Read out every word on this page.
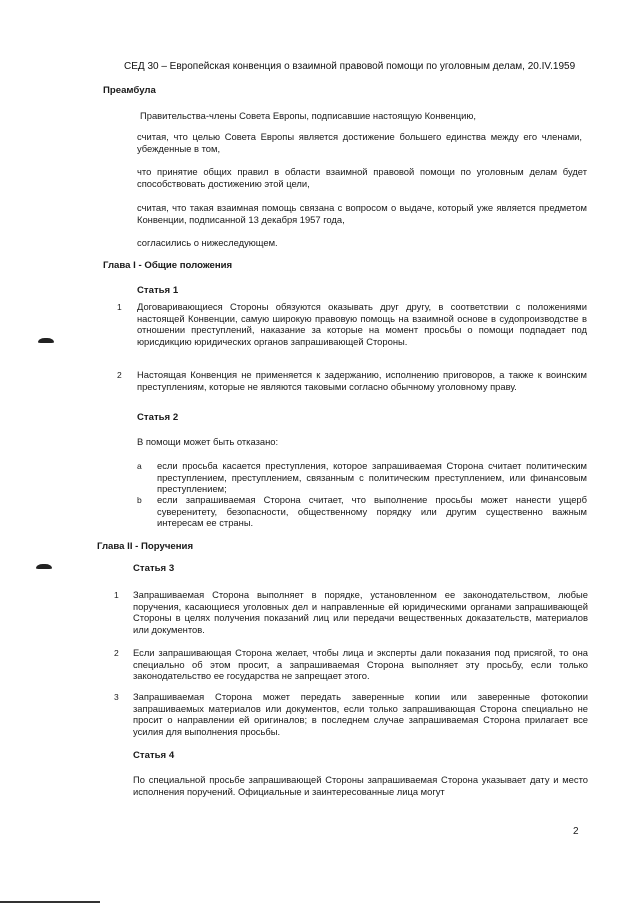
СЕД 30 – Европейская конвенция о взаимной правовой помощи по уголовным делам, 20.IV.1959
Преамбула
Правительства-члены Совета Европы, подписавшие настоящую Конвенцию,
считая, что целью Совета Европы является достижение большего единства между его членами, убежденные в том,
что принятие общих правил в области взаимной правовой помощи по уголовным делам будет способствовать достижению этой цели,
считая, что такая взаимная помощь связана с вопросом о выдаче, который уже является предметом Конвенции, подписанной 13 декабря 1957 года,
согласились о нижеследующем.
Глава I - Общие положения
Статья 1
1 Договаривающиеся Стороны обязуются оказывать друг другу, в соответствии с положениями настоящей Конвенции, самую широкую правовую помощь на взаимной основе в судопроизводстве в отношении преступлений, наказание за которые на момент просьбы о помощи подпадает под юрисдикцию юридических органов запрашивающей Стороны.
2 Настоящая Конвенция не применяется к задержанию, исполнению приговоров, а также к воинским преступлениям, которые не являются таковыми согласно обычному уголовному праву.
Статья 2
В помощи может быть отказано:
a если просьба касается преступления, которое запрашиваемая Сторона считает политическим преступлением, преступлением, связанным с политическим преступлением, или финансовым преступлением;
b если запрашиваемая Сторона считает, что выполнение просьбы может нанести ущерб суверенитету, безопасности, общественному порядку или другим существенно важным интересам ее страны.
Глава II - Поручения
Статья 3
1 Запрашиваемая Сторона выполняет в порядке, установленном ее законодательством, любые поручения, касающиеся уголовных дел и направленные ей юридическими органами запрашивающей Стороны в целях получения показаний лиц или передачи вещественных доказательств, материалов или документов.
2 Если запрашивающая Сторона желает, чтобы лица и эксперты дали показания под присягой, то она специально об этом просит, а запрашиваемая Сторона выполняет эту просьбу, если только законодательство ее государства не запрещает этого.
3 Запрашиваемая Сторона может передать заверенные копии или заверенные фотокопии запрашиваемых материалов или документов, если только запрашивающая Сторона специально не просит о направлении ей оригиналов; в последнем случае запрашиваемая Сторона прилагает все усилия для выполнения просьбы.
Статья 4
По специальной просьбе запрашивающей Стороны запрашиваемая Сторона указывает дату и место исполнения поручений. Официальные и заинтересованные лица могут
2
